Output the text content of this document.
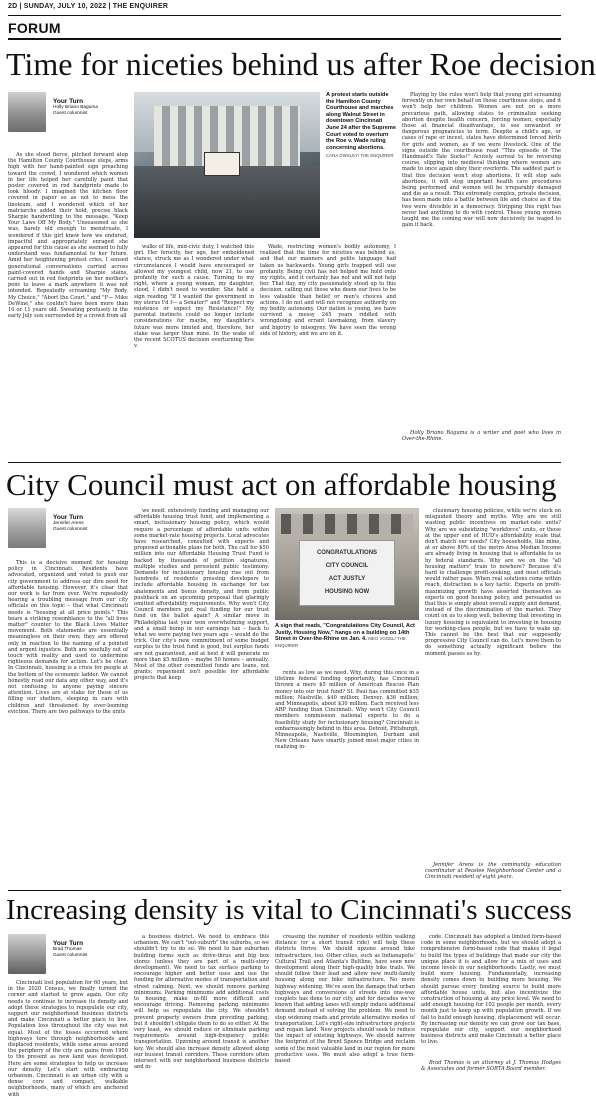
2D | SUNDAY, JULY 10, 2022 | THE ENQUIRER
FORUM
Time for niceties behind us after Roe decision
Your Turn
Holly Briano Baguma
Guest columnist

As she stood fierce, pitched forward atop the Hamilton County Courthouse steps, arms high with her hand-painted sign preaching toward the crowd, I wondered which women in her life helped her carefully paint that poster covered in red handprints made to look bloody. I imagined the kitchen floor covered in paper so as not to mess the linoleum, and I wondered which of her matriarchs added their hold, precise black Sharpie handwriting to the message, "Keep Your Laws Off My Body." Unseasoned as she was, barely old enough to menstruate, I wondered if this girl knew how we endured, impactful and appropriately enraged she appeared for this cause as she seemed to fully understand was fundamental to her future. Amid her heightening protest cries, I sensed generational conversations carried across paint-covered hands and Sharpie stains, carried out in red footprints on her mother's pens to leave a mark anywhere it was not intended. Repeatedly screaming "My Body, My Choice," "Abort the Court," and "F— Mike DeWine," she couldn't have been more than 10 or 11 years old. Sweating profusely in the early July sun surrounded by a crowd from all

A protest starts outside the Hamilton County Courthouse and marches along Walnut Street in downtown Cincinnati June 24 after the Supreme Court voted to overturn the Roe v. Wade ruling concerning abortions.
CARA OWSLEY/ THE ENQUIRER

walks of life, mid-civic duty, I watched this girl. Her ferocity, her age, her emboldened stance, struck me as I wondered under what circumstances I would have encouraged or allowed my youngest child, now 21, to use profanity for such a cause. Turning to my right, where a young woman, my daughter, stood, I didn't need to wonder. She held a sign reading "If I wanted the government in my uterus I'd f— a Senator!" and "Respect my existence or expect my Resistance!" My parental instincts could no longer include considerations for maybe, my daughter's future was more limited and, therefore, her stake was larger than mine. In the wake of the recent SCOTUS decision overturning Roe v.

Wade, restricting women's bodily autonomy, I realized that the time for niceties was behind us, and that our manners and polite language had taken us backwards. Young girls trapped will use profanity. Being civil has not helped me hold onto my rights, and it certainly has not and will not help her. That day, my city passionately stood up to this decision, calling out those who deem our lives to be less valuable than belief or men's choices and actions. I do not and will not recognize authority on my bodily autonomy. Our nation is young, we have survived a messy 245 years riddled with wrongdoing and errant lawmaking, from slavery and bigotry to misogyny. We have seen the wrong side of history, and we are on it.

Playing by the rules won't help that young girl screaming fervently on her own behalf on those courthouse steps, and it won't help her children. Women are not on a more precarious path, allowing states to criminalize seeking abortion despite health concern, forcing women, especially those at financial disadvantage, to see unwanted or dangerous pregnancies to term. Despite a child's age, or cases of rape or incest, states have determined forced birth for girls and women, as if we were livestock. One of the signs outside the courthouse read "This episode of The Handmaid's Tale Sucks!" Acutely surreal to be reversing course, slipping into medieval thinking where women are made to once again obey their overlords. The saddest part is that this decision won't stop abortions. It will stop safe abortions, it will stop important health care procedures being performed and women will be irreparably damaged and die as a result. This extremely complex, private decision, has been made into a battle between life and choice as if the two were divisible in a democracy. Stripping this right has never had anything to do with control. These young women taught me the coming war will now decisively be waged to gain it back.

Holly Briano Baguma is a writer and poet who lives in Over-the-Rhine.

City Council must act on affordable housing
Your Turn
Jennifer Arens
Guest columnist

This is a decisive moment for housing policy in Cincinnati. Residents have advocated, organized and voted to push our city government to address our dire need for affordable housing. However, it's clear that our work is far from over. We're repeatedly hearing a troubling message from our city officials on this topic – that what Cincinnati needs is "housing at all price points." This bears a striking resemblance to the "all lives matter" counter to the Black Lives Matter movement. Both statements are essentially meaningless on their own; they are offered only in reaction to the naming of a pointed and urgent injustice. Both are woefully out of touch with reality and used to undermine righteous demands for action. Let's be clear. In Cincinnati, housing is a crisis for people at the bottom of the economic ladder. We cannot honestly read our data any other way, and it's not confusing to anyone paying sincere attention. Lives are at stake for those of us filling our shelters, sleeping in cars with children and threatened by ever-looming eviction. There are two pathways to the units

we need: extensively funding and managing our affordable housing trust fund, and implementing a smart, inclusionary housing policy, which would require a percentage of affordable units within some market-rate housing projects. Local advocates have researched, consulted with experts and proposed actionable plans for both. The call for $50 million into our Affordable Housing Trust Fund is backed by thousands of petition signatures, multiple studies and persistent public testimony. Demands for inclusionary housing rise out from hundreds of residents pressing developers to include affordable housing in exchange for tax abatements and bonus density, and from public pushback on an upcoming proposal that glaringly omitted affordability requirements. Why won't City Council members put real funding for our trust fund on the ballot again? A similar move in Philadelphia last year won overwhelming support, and a small bump in our earnings tax – back to what we were paying two years ago – would do the trick. Our city's new commitment of some budget surplus to the trust fund is good, but surplus funds are not guaranteed, and at best it will generate no more than $5 million – maybe 50 homes – annually. Most of the other committed funds are loans, not grants; repayment isn't possible for affordable projects that keep

CONGRATULATIONS
CITY COUNCIL
ACT JUSTLY
HOUSING NOW
A sign that reads, "Congratulations City Council, Act Justly, Housing Now," hangs on a building on 14th Street in Over-the-Rhine on Jan. 4. MEG VOGEL/ THE ENQUIRER

rents as low as we need. Why, during this once in a lifetime federal funding opportunity, has Cincinnati thrown a mere $5 million of American Rescue Plan money into our trust fund? St. Paul has committed $35 million; Nashville, $40 million; Denver, $36 million; and Minneapolis, about $30 million. Each received less ARP funding than Cincinnati. Why won't City Council members commission national experts to do a feasibility study for inclusionary housing? Cincinnati is embarrassingly behind in this area. Detroit, Pittsburgh, Minneapolis, Nashville, Bloomington, Durham and New Orleans have smartly joined most major cities in realizing in-

clusionary housing policies, while we're stuck on misguided theory and myths. Why are we still wasting public incentives on market-rate units? Why are we subsidizing "workforce" units, or those at the upper end of HUD's affordability scale that don't match our needs? City households, like mine, at or above 80% of the metro Area Median Income are already living in housing that is affordable to us by federal standards. Why are we on the "all housing matters" train to nowhere? Because it's hard to challenge profit-seeking, and most officials would rather pass. When real solutions come within reach, distraction is a key tactic. Experts on profit-maximizing growth have asserted themselves as experts on good housing policy, and persuaded us that this is simply about overall supply and demand, instead of the discrimination of the market. They count on us to sleep well, believing that investing in luxury housing is equivalent to investing in housing for working-class people, but we have to wake up. This cannot be the best that our supposedly progressive City Council can do. Let's move them to do something actually significant before the moment passes us by.

Jennifer Arens is the community education coordinator at Peaslee Neighborhood Center and a Cincinnati resident of eight years.

Increasing density is vital to Cincinnati's success
Your Turn
Brad Thomas
Guest columnist

Cincinnati lost population for 60 years, but in the 2020 Census, we finally turned the corner and started to grow again. Our city needs to continue to increase its density and adopt these strategies to repopulate our city, support our neighborhood business districts and make Cincinnati a better place to live. Population loss throughout the city was not equal. Most of the losses occurred where highways tore through neighborhoods and displaced residents, while some areas around the periphery of the city are gains from 1950 to the present as new land was developed. Here are some strategies to help us increase our density. Let's start with embracing urbanism. Cincinnati is an urban city with a dense core and compact, walkable neighborhoods, many of which are anchored with

a business district. We need to embrace this urbanism. We can't "out-suburb" the suburbs, so we shouldn't try to do so. We need to ban suburban building forms such as drive-thrus and big box stores (unless they are part of a multi-story development). We need to tax surface parking to encourage higher and better uses and use the funding for alternative modes of transportation and street calming. Next, we should remove parking minimums. Parking minimums add additional costs to housing, make in-fill more difficult and encourage driving. Removing parking minimums will help us repopulate the city. We shouldn't prevent property owners from providing parking, but it shouldn't obligate them to do so either. At the very least, we should reduce or eliminate parking requirements around high-frequency public transportation. Upzoning around transit is another key. We should also increase density allowed along our busiest transit corridors. These corridors often intersect with our neighborhood business districts and in-

creasing the number of residents within walking distance (or a short transit ride) will help these districts thrive. We should upzone around bike infrastructure, too. Other cities, such as Indianapolis' Cultural Trail and Atlanta's Beltline, have seen new development along their high-quality bike trails. We should follow their lead and allow new multi-family housing along our bike infrastructure. No more highway widening. We've seen the damage that urban highways and conversions of streets into one-way couplets has done to our city, and for decades we've known that adding lanes will simply induce additional demand instead of solving the problem. We need to stop widening roads and provide alternative modes of transportation. Let's right-size infrastructure projects and regain land. New projects should seek to reduce the impact of existing highways. We should narrow the footprint of the Brent Spence Bridge and reclaim some of the most valuable land in our region for more productive uses. We must also adopt a true form-based

code. Cincinnati has adopted a limited form-based code in some neighborhoods, but we should adopt a comprehensive form-based code that makes it legal to build the types of buildings that made our city the unique place it is and allow for a mix of uses and income levels in our neighborhoods. Lastly, we must build more housing. Fundamentally, increasing density comes down to building more housing. We should pursue every funding source to build more affordable house units, but also incentivize the construction of housing at any price level. We need to add enough housing for 102 people per month, every month just to keep up with population growth. If we fail to build enough housing, displacement will occur. By increasing our density we can grow our tax base, repopulate our city, support our neighborhood business districts and make Cincinnati a better place to live.

Brad Thomas is an attorney at J. Thomas Hodges & Associates and former SORTA Board member.
